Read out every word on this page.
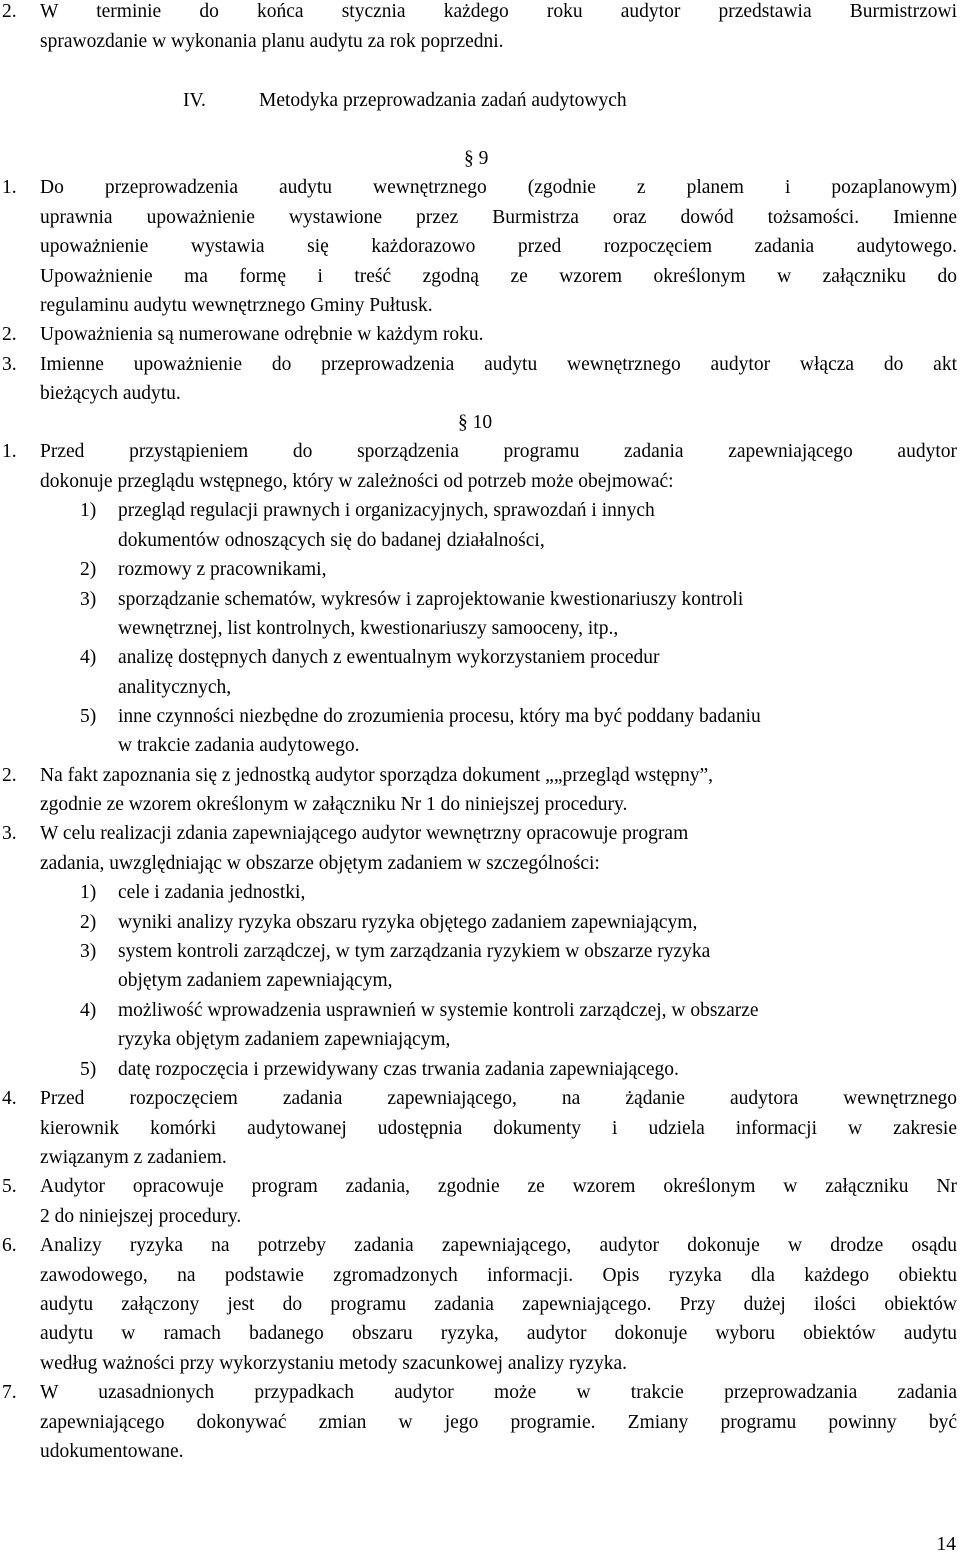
2. W terminie do końca stycznia każdego roku audytor przedstawia Burmistrzowi
sprawozdanie w wykonania planu audytu za rok poprzedni.
IV.	Metodyka przeprowadzania zadań audytowych
§ 9
1. Do przeprowadzenia audytu wewnętrznego (zgodnie z planem i pozaplanowym)
uprawnia upoważnienie wystawione przez Burmistrza oraz dowód tożsamości. Imienne
upoważnienie wystawia się każdorazowo przed rozpoczęciem zadania audytowego.
Upoważnienie ma formę i treść zgodną ze wzorem określonym w załączniku do
regulaminu audytu wewnętrznego Gminy Pułtusk.
2. Upoważnienia są numerowane odrębnie w każdym roku.
3. Imienne upoważnienie do przeprowadzenia audytu wewnętrznego audytor włącza do akt
bieżących audytu.
§ 10
1. Przed przystąpieniem do sporządzenia programu zadania zapewniającego audytor
dokonuje przeglądu wstępnego, który w zależności od potrzeb może obejmować:
1) przegląd regulacji prawnych i organizacyjnych, sprawozdań i innych
dokumentów odnoszących się do badanej działalności,
2) rozmowy z pracownikami,
3) sporządzanie schematów, wykresów i zaprojektowanie kwestionariuszy kontroli
wewnętrznej, list kontrolnych, kwestionariuszy samooceny, itp.,
4) analizę dostępnych danych z ewentualnym wykorzystaniem procedur
analitycznych,
5) inne czynności niezbędne do zrozumienia procesu, który ma być poddany badaniu
w trakcie zadania audytowego.
2. Na fakt zapoznania się z jednostką audytor sporządza dokument „„przegląd wstępny”,
zgodnie ze wzorem określonym w załączniku Nr 1 do niniejszej procedury.
3. W celu realizacji zdania zapewniającego audytor wewnętrzny opracowuje program
zadania, uwzględniając w obszarze objętym zadaniem w szczególności:
1) cele i zadania jednostki,
2) wyniki analizy ryzyka obszaru ryzyka objętego zadaniem zapewniającym,
3) system kontroli zarządczej, w tym zarządzania ryzykiem w obszarze ryzyka
objętym zadaniem zapewniającym,
4) możliwość wprowadzenia usprawnień w systemie kontroli zarządczej, w obszarze
ryzyka objętym zadaniem zapewniającym,
5) datę rozpoczęcia i przewidywany czas trwania zadania zapewniającego.
4. Przed rozpoczęciem zadania zapewniającego, na żądanie audytora wewnętrznego
kierownik komórki audytowanej udostępnia dokumenty i udziela informacji w zakresie
związanym z zadaniem.
5. Audytor opracowuje program zadania, zgodnie ze wzorem określonym w załączniku Nr
2 do niniejszej procedury.
6. Analizy ryzyka na potrzeby zadania zapewniającego, audytor dokonuje w drodze osądu
zawodowego, na podstawie zgromadzonych informacji. Opis ryzyka dla każdego obiektu
audytu załączony jest do programu zadania zapewniającego. Przy dużej ilości obiektów
audytu w ramach badanego obszaru ryzyka, audytor dokonuje wyboru obiektów audytu
według ważności przy wykorzystaniu metody szacunkowej analizy ryzyka.
7. W uzasadnionych przypadkach audytor może w trakcie przeprowadzania zadania
zapewniającego dokonywać zmian w jego programie. Zmiany programu powinny być
udokumentowane.
14
